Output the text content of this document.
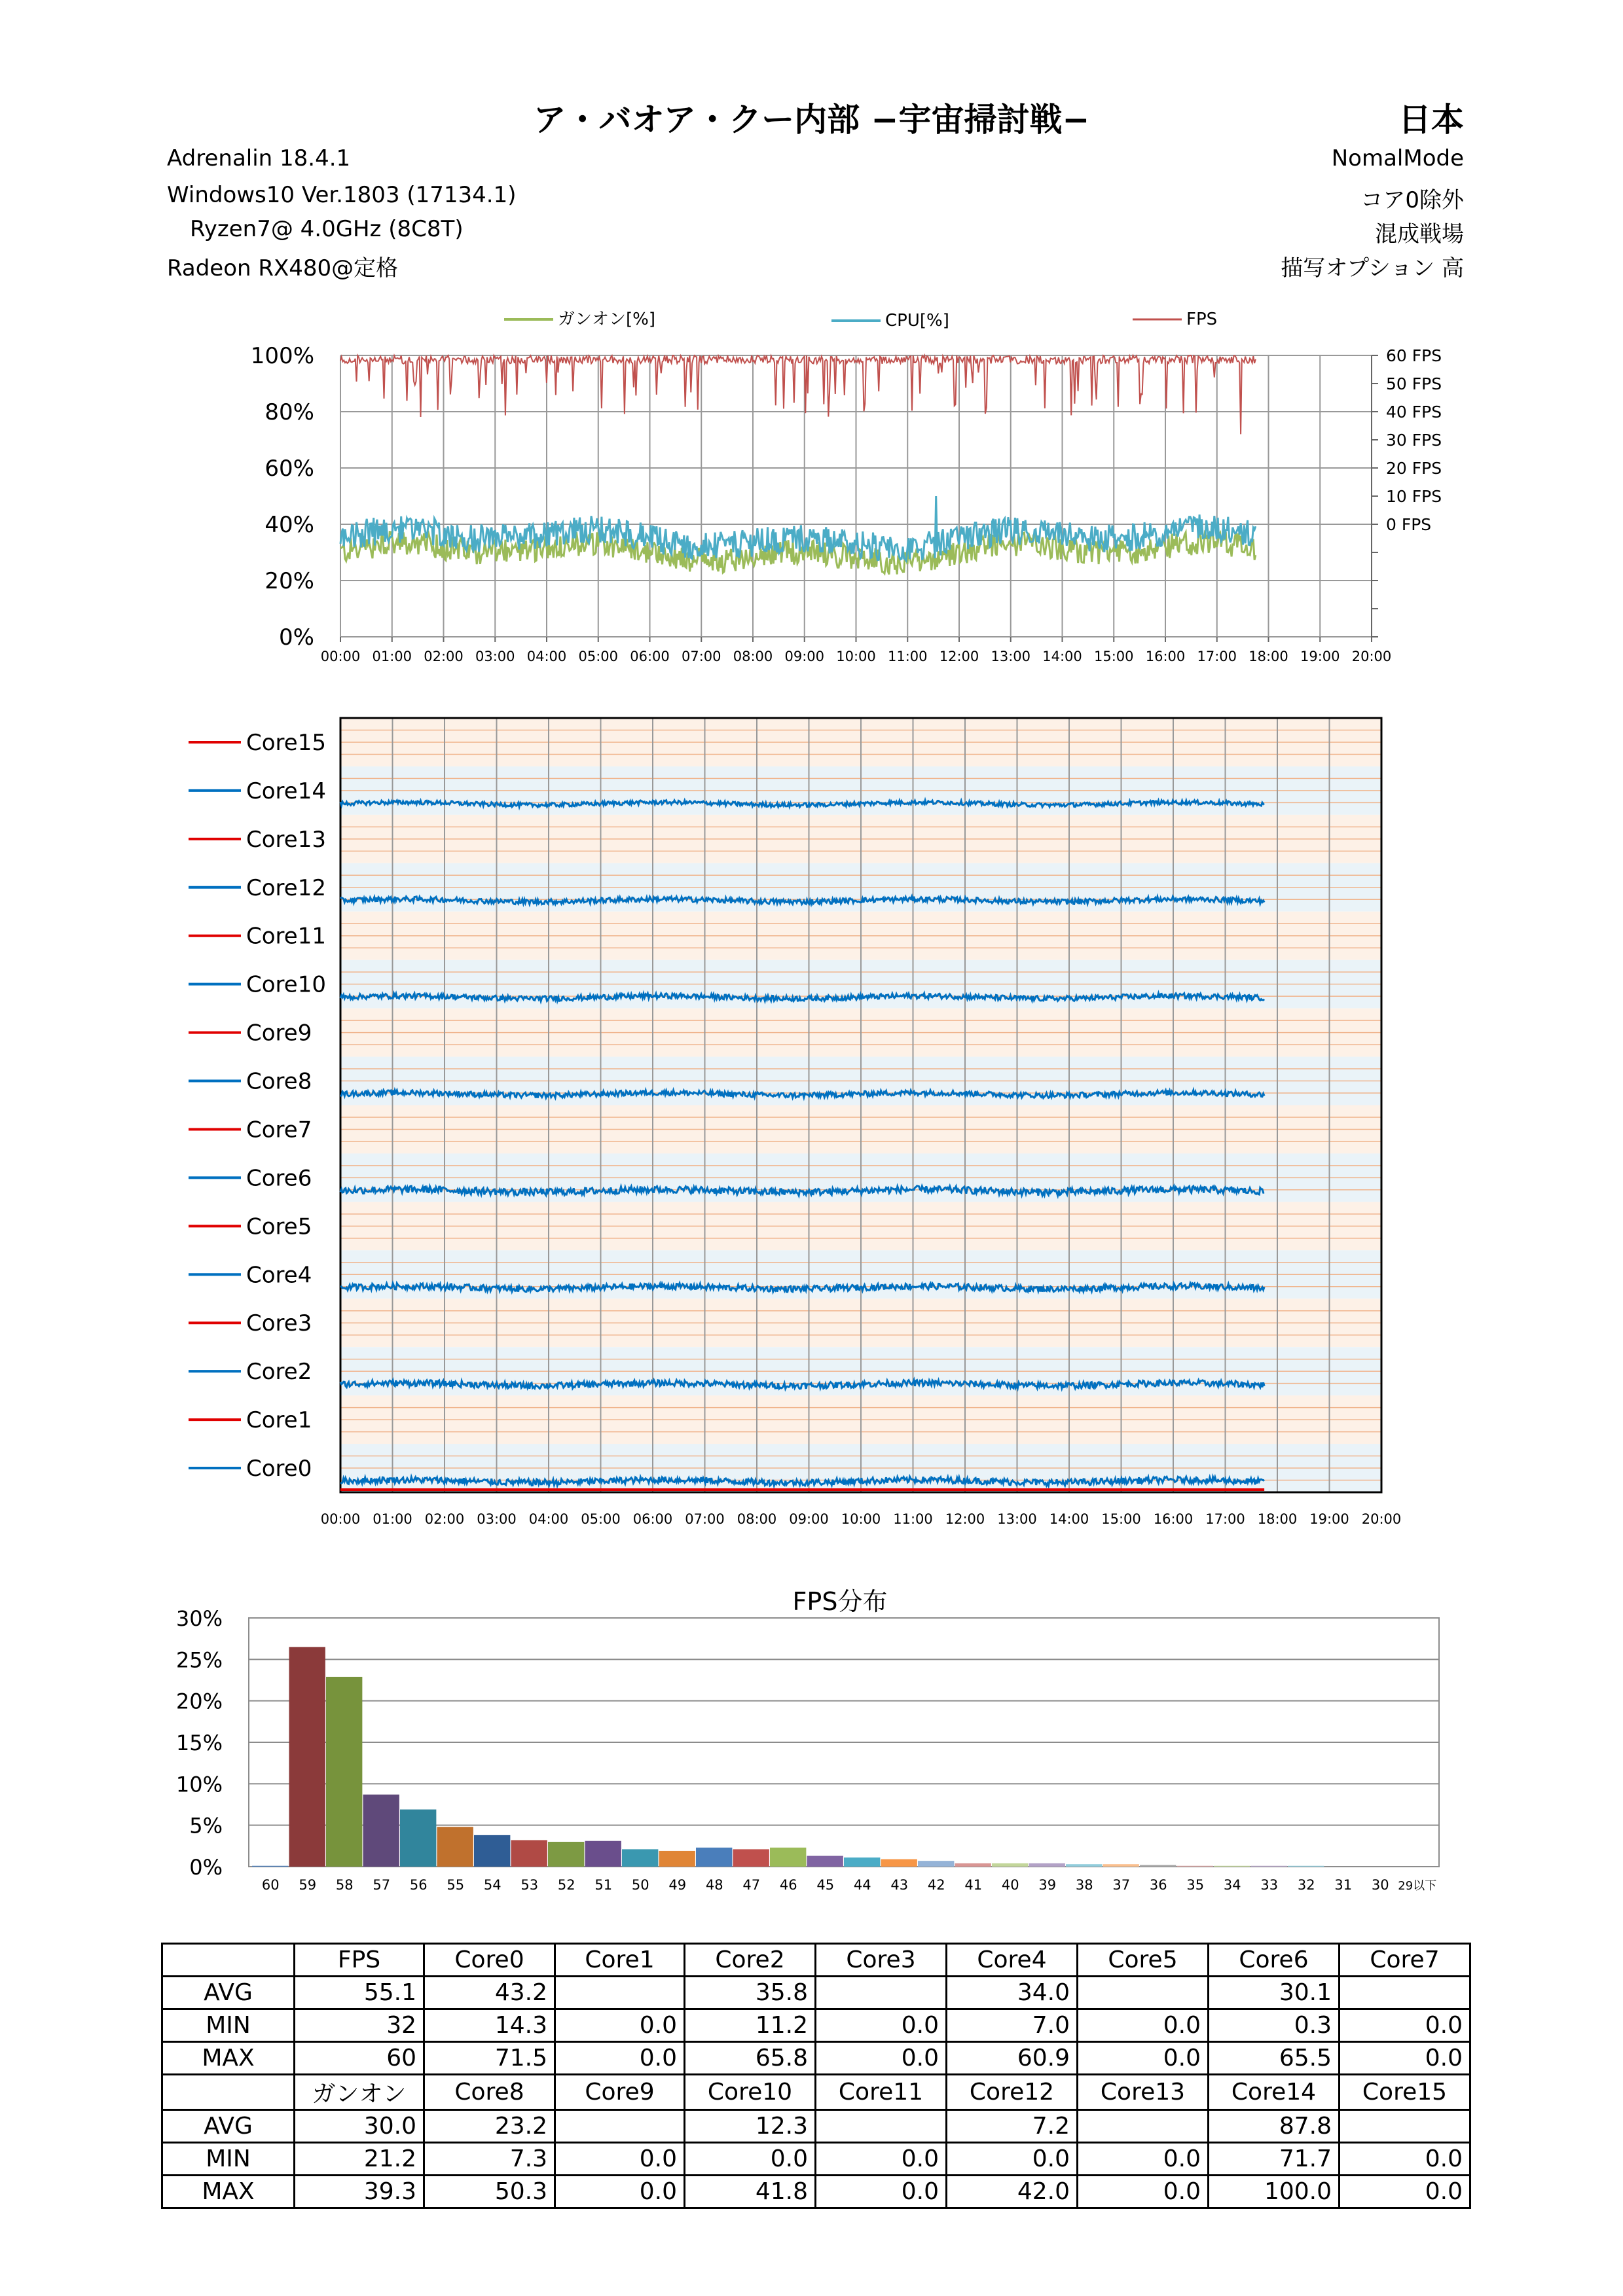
ア・バオア・クー内部 −宇宙掃討戦−	日本
Adrenalin 18.4.1
Windows10 Ver.1803 (17134.1)
Ryzen7@ 4.0GHz (8C8T)
Radeon RX480@定格
NomalMode
コア0除外
混成戦場
描写オプション 高
ガンオン[%]	CPU[%]	FPS
100%
80%
60%
40%
20%
0%
00:00 01:00 02:00 03:00 04:00 05:00 06:00 07:00 08:00 09:00 10:00 11:00 12:00 13:00 14:00 15:00 16:00 17:00 18:00 19:00 20:00
60 FPS
50 FPS
40 FPS
30 FPS
20 FPS
10 FPS
0 FPS
Core15
Core14
Core13
Core12
Core11
Core10
Core9
Core8
Core7
Core6
Core5
Core4
Core3
Core2
Core1
Core0
00:00 01:00 02:00 03:00 04:00 05:00 06:00 07:00 08:00 09:00 10:00 11:00 12:00 13:00 14:00 15:00 16:00 17:00 18:00 19:00 20:00
FPS分布
30%
25%
20%
15%
10%
5%
0%
60 59 58 57 56 55 54 53 52 51 50 49 48 47 46 45 44 43 42 41 40 39 38 37 36 35 34 33 32 31 30 29以下
	FPS	Core0	Core1	Core2	Core3	Core4	Core5	Core6	Core7
AVG	55.1	43.2		35.8		34.0		30.1	
MIN	32	14.3	0.0	11.2	0.0	7.0	0.0	0.3	0.0
MAX	60	71.5	0.0	65.8	0.0	60.9	0.0	65.5	0.0
	ガンオン	Core8	Core9	Core10	Core11	Core12	Core13	Core14	Core15
AVG	30.0	23.2		12.3		7.2		87.8	
MIN	21.2	7.3	0.0	0.0	0.0	0.0	0.0	71.7	0.0
MAX	39.3	50.3	0.0	41.8	0.0	42.0	0.0	100.0	0.0
